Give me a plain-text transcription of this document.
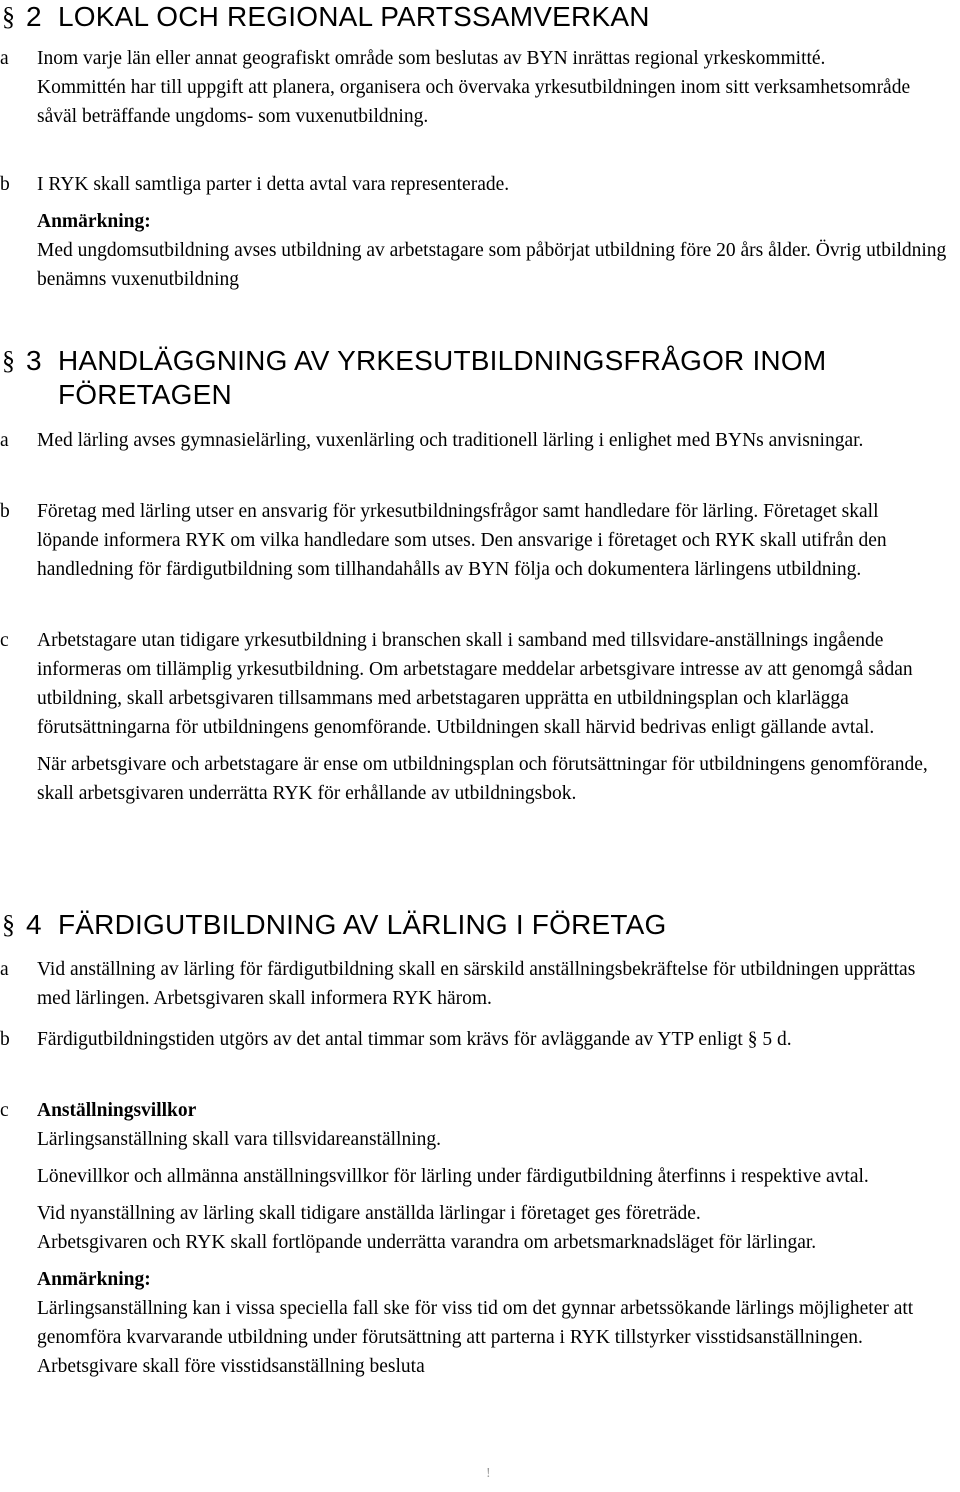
§ 2 LOKAL OCH REGIONAL PARTSSAMVERKAN
a	Inom varje län eller annat geografiskt område som beslutas av BYN inrättas regional yrkeskommitté. Kommittén har till uppgift att planera, organisera och övervaka yrkesutbildningen inom sitt verksamhetsområde såväl beträffande ungdoms- som vuxenutbildning.

b	I RYK skall samtliga parter i detta avtal vara representerade.

Anmärkning:

Med ungdomsutbildning avses utbildning av arbetstagare som påbörjat utbildning före 20 års ålder. Övrig utbildning benämns vuxenutbildning

§ 3 HANDLÄGGNING AV YRKESUTBILDNINGSFRÅGOR INOM FÖRETAGEN
a	Med lärling avses gymnasielärling, vuxenlärling och traditionell lärling i enlighet med BYNs anvisningar.

b	Företag med lärling utser en ansvarig för yrkesutbildningsfrågor samt handledare för lärling. Företaget skall löpande informera RYK om vilka handledare som utses. Den ansvarige i företaget och RYK skall utifrån den handledning för färdigutbildning som tillhandahålls av BYN följa och dokumentera lärlingens utbildning.

c	Arbetstagare utan tidigare yrkesutbildning i branschen skall i samband med tillsvidare-anställnings ingående informeras om tillämplig yrkesutbildning. Om arbetstagare meddelar arbetsgivare intresse av att genomgå sådan utbildning, skall arbetsgivaren tillsammans med arbetstagaren upprätta en utbildningsplan och klarlägga förutsättningarna för utbildningens genomförande. Utbildningen skall härvid bedrivas enligt gällande avtal.

När arbetsgivare och arbetstagare är ense om utbildningsplan och förutsättningar för utbildningens genomförande, skall arbetsgivaren underrätta RYK för erhållande av utbildningsbok.

§ 4 FÄRDIGUTBILDNING AV LÄRLING I FÖRETAG
a	Vid anställning av lärling för färdigutbildning skall en särskild anställningsbekräftelse för utbildningen upprättas med lärlingen. Arbetsgivaren skall informera RYK härom.

b	Färdigutbildningstiden utgörs av det antal timmar som krävs för avläggande av YTP enligt § 5 d.

c	Anställningsvillkor

Lärlingsanställning skall vara tillsvidareanställning.

Lönevillkor och allmänna anställningsvillkor för lärling under färdigutbildning återfinns i respektive avtal.

Vid nyanställning av lärling skall tidigare anställda lärlingar i företaget ges företräde.

Arbetsgivaren och RYK skall fortlöpande underrätta varandra om arbetsmarknadsläget för lärlingar.

Anmärkning:

Lärlingsanställning kan i vissa speciella fall ske för viss tid om det gynnar arbetssökande lärlings möjligheter att genomföra kvarvarande utbildning under förutsättning att parterna i RYK tillstyrker visstidsanställningen. Arbetsgivare skall före visstidsanställning besluta

!
